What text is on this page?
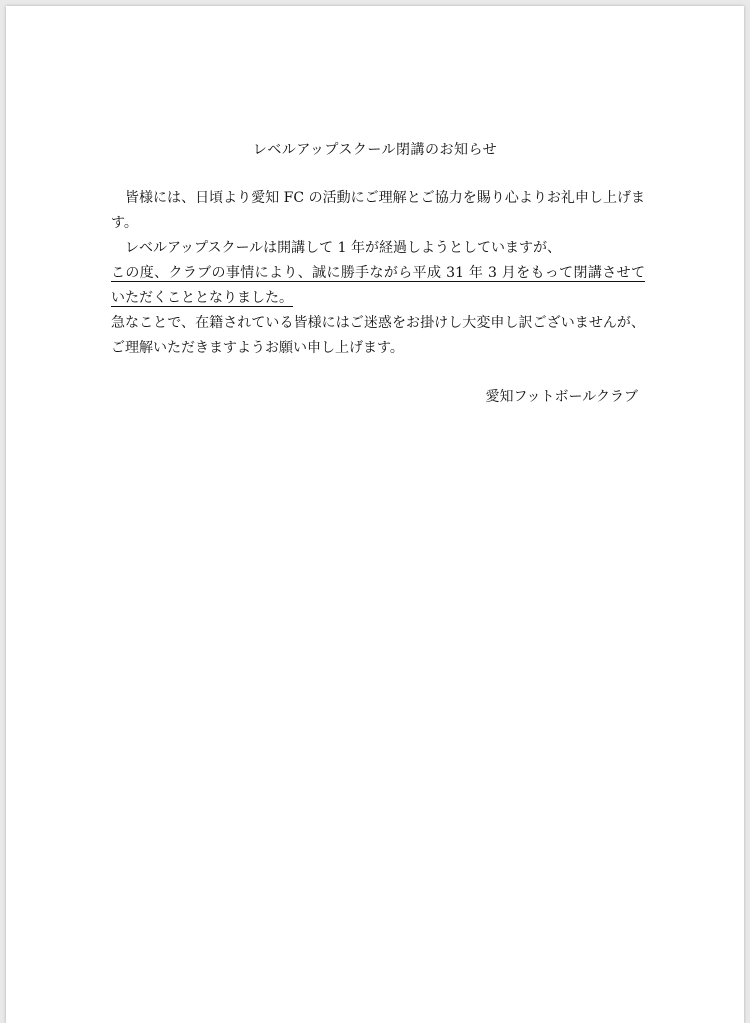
レベルアップスクール閉講のお知らせ

皆様には、日頃より愛知 FC の活動にご理解とご協力を賜り心よりお礼申し上げます。

レベルアップスクールは開講して 1 年が経過しようとしていますが、

この度、クラブの事情により、誠に勝手ながら平成 31 年 3 月をもって閉講させていただくこととなりました。

急なことで、在籍されている皆様にはご迷惑をお掛けし大変申し訳ございませんが、ご理解いただきますようお願い申し上げます。

愛知フットボールクラブ
